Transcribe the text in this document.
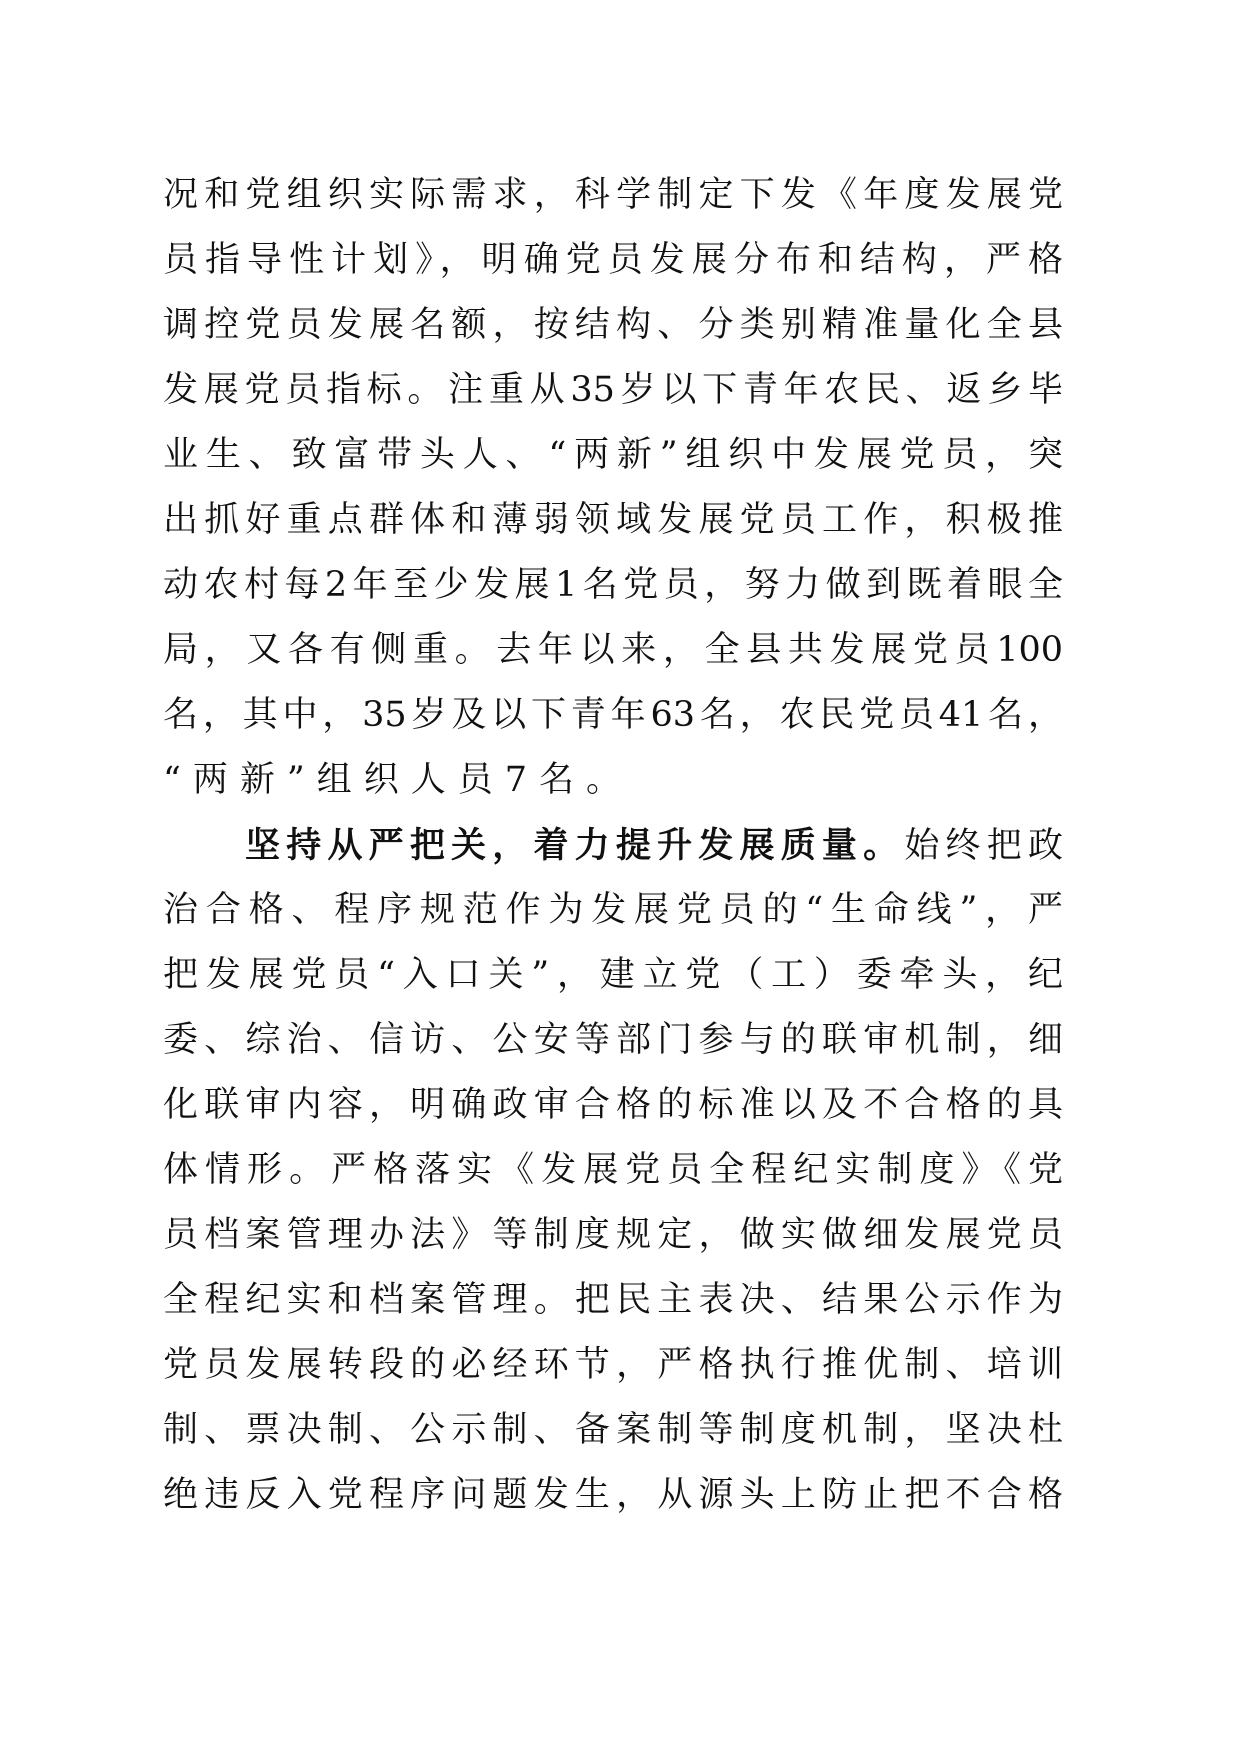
况和党组织实际需求，科学制定下发《年度发展党
员指导性计划》，明确党员发展分布和结构，严格
调控党员发展名额，按结构、分类别精准量化全县
发展党员指标。注重从35岁以下青年农民、返乡毕
业生、致富带头人、“两新”组织中发展党员，突
出抓好重点群体和薄弱领域发展党员工作，积极推
动农村每2年至少发展1名党员，努力做到既着眼全
局，又各有侧重。去年以来，全县共发展党员100
名，其中，35岁及以下青年63名，农民党员41名，
“两新”组织人员7名。
坚持从严把关，着力提升发展质量。始终把政
治合格、程序规范作为发展党员的“生命线”，严
把发展党员“入口关”，建立党（工）委牵头，纪
委、综治、信访、公安等部门参与的联审机制，细
化联审内容，明确政审合格的标准以及不合格的具
体情形。严格落实《发展党员全程纪实制度》《党
员档案管理办法》等制度规定，做实做细发展党员
全程纪实和档案管理。把民主表决、结果公示作为
党员发展转段的必经环节，严格执行推优制、培训
制、票决制、公示制、备案制等制度机制，坚决杜
绝违反入党程序问题发生，从源头上防止把不合格
